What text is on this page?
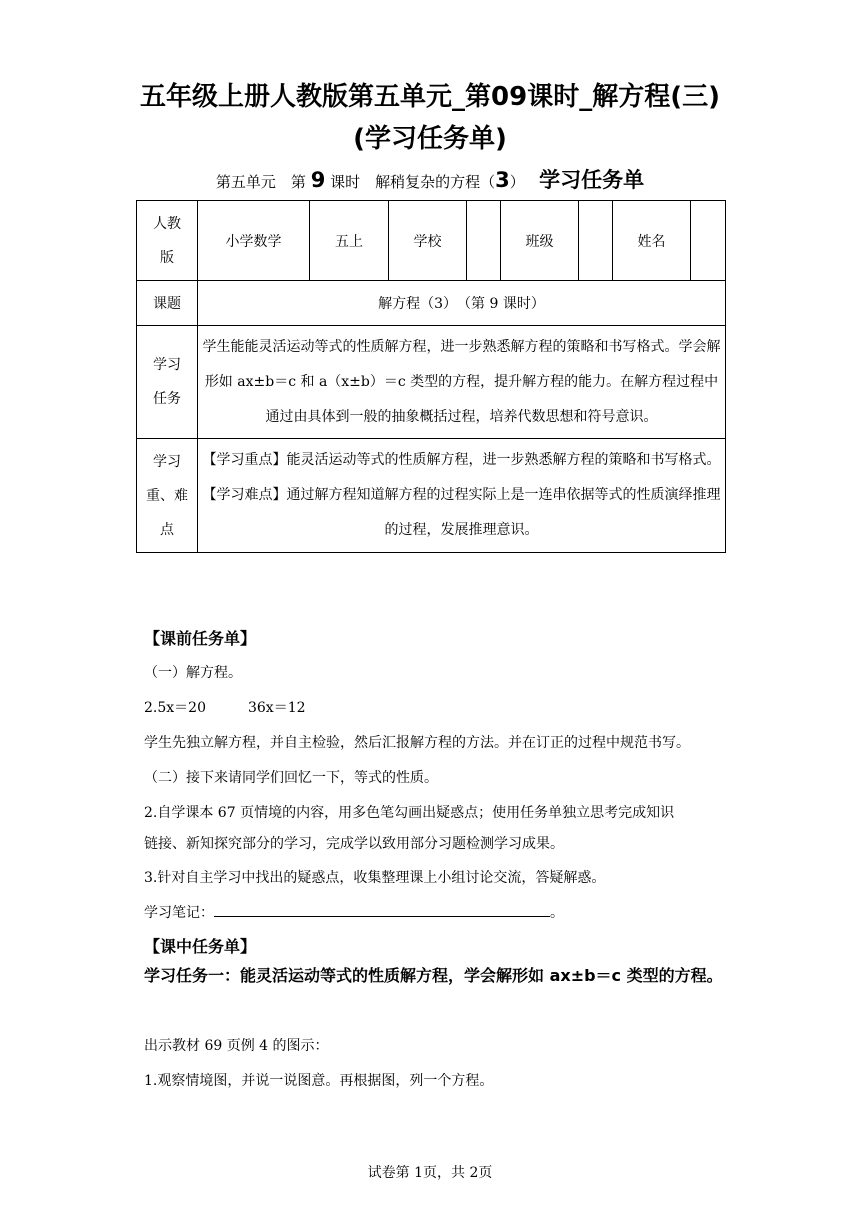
五年级上册人教版第五单元_第09课时_解方程(三)
(学习任务单)
第五单元　第 9 课时　解稍复杂的方程（3） 学习任务单
人教
版	小学数学	五上	学校		班级		姓名	
课题	解方程（3）　（第 9 课时）							
学习
任务	学生能能灵活运动等式的性质解方程，进一步熟悉解方程的策略和书写格式。学会解形如 ax±b＝c 和 a（x±b）＝c 类型的方程，提升解方程的能力。在解方程过程中通过由具体到一般的抽象概括过程，培养代数思想和符号意识。							
学习
重、难
点	【学习重点】能灵活运动等式的性质解方程，进一步熟悉解方程的策略和书写格式。【学习难点】通过解方程知道解方程的过程实际上是一连串依据等式的性质演绎推理的过程，发展推理意识。							
【课前任务单】
（一）解方程。
2.5x＝20	36x＝12
学生先独立解方程，并自主检验，然后汇报解方程的方法。并在订正的过程中规范书写。
（二）接下来请同学们回忆一下，等式的性质。
2.自学课本 67 页情境的内容，用多色笔勾画出疑惑点；使用任务单独立思考完成知识
链接、新知探究部分的学习，完成学以致用部分习题检测学习成果。
3.针对自主学习中找出的疑惑点，收集整理课上小组讨论交流，答疑解惑。
学习笔记：	。
【课中任务单】
学习任务一：能灵活运动等式的性质解方程，学会解形如 ax±b＝c 类型的方程。
出示教材 69 页例 4 的图示：
1.观察情境图，并说一说图意。再根据图，列一个方程。
试卷第 1页，共 2页
